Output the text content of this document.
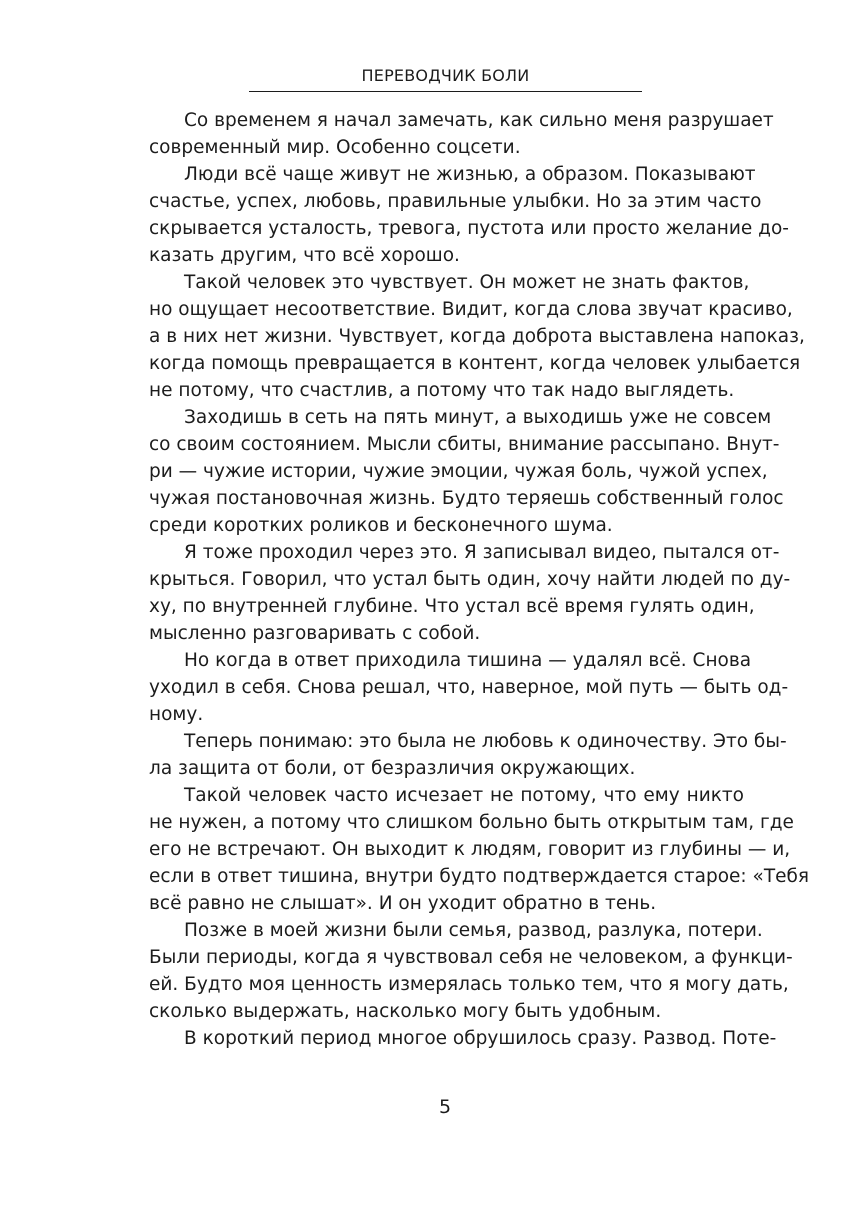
ПЕРЕВОДЧИК БОЛИ
Со временем я начал замечать, как сильно меня разрушает
современный мир. Особенно соцсети.
Люди всё чаще живут не жизнью, а образом. Показывают
счастье, успех, любовь, правильные улыбки. Но за этим часто
скрывается усталость, тревога, пустота или просто желание до-
казать другим, что всё хорошо.
Такой человек это чувствует. Он может не знать фактов,
но ощущает несоответствие. Видит, когда слова звучат красиво,
а в них нет жизни. Чувствует, когда доброта выставлена напоказ,
когда помощь превращается в контент, когда человек улыбается
не потому, что счастлив, а потому что так надо выглядеть.
Заходишь в сеть на пять минут, а выходишь уже не совсем
со своим состоянием. Мысли сбиты, внимание рассыпано. Внут-
ри — чужие истории, чужие эмоции, чужая боль, чужой успех,
чужая постановочная жизнь. Будто теряешь собственный голос
среди коротких роликов и бесконечного шума.
Я тоже проходил через это. Я записывал видео, пытался от-
крыться. Говорил, что устал быть один, хочу найти людей по ду-
ху, по внутренней глубине. Что устал всё время гулять один,
мысленно разговаривать с собой.
Но когда в ответ приходила тишина — удалял всё. Снова
уходил в себя. Снова решал, что, наверное, мой путь — быть од-
ному.
Теперь понимаю: это была не любовь к одиночеству. Это бы-
ла защита от боли, от безразличия окружающих.
Такой человек часто исчезает не потому, что ему никто
не нужен, а потому что слишком больно быть открытым там, где
его не встречают. Он выходит к людям, говорит из глубины — и,
если в ответ тишина, внутри будто подтверждается старое: «Тебя
всё равно не слышат». И он уходит обратно в тень.
Позже в моей жизни были семья, развод, разлука, потери.
Были периоды, когда я чувствовал себя не человеком, а функци-
ей. Будто моя ценность измерялась только тем, что я могу дать,
сколько выдержать, насколько могу быть удобным.
В короткий период многое обрушилось сразу. Развод. Поте-
5
